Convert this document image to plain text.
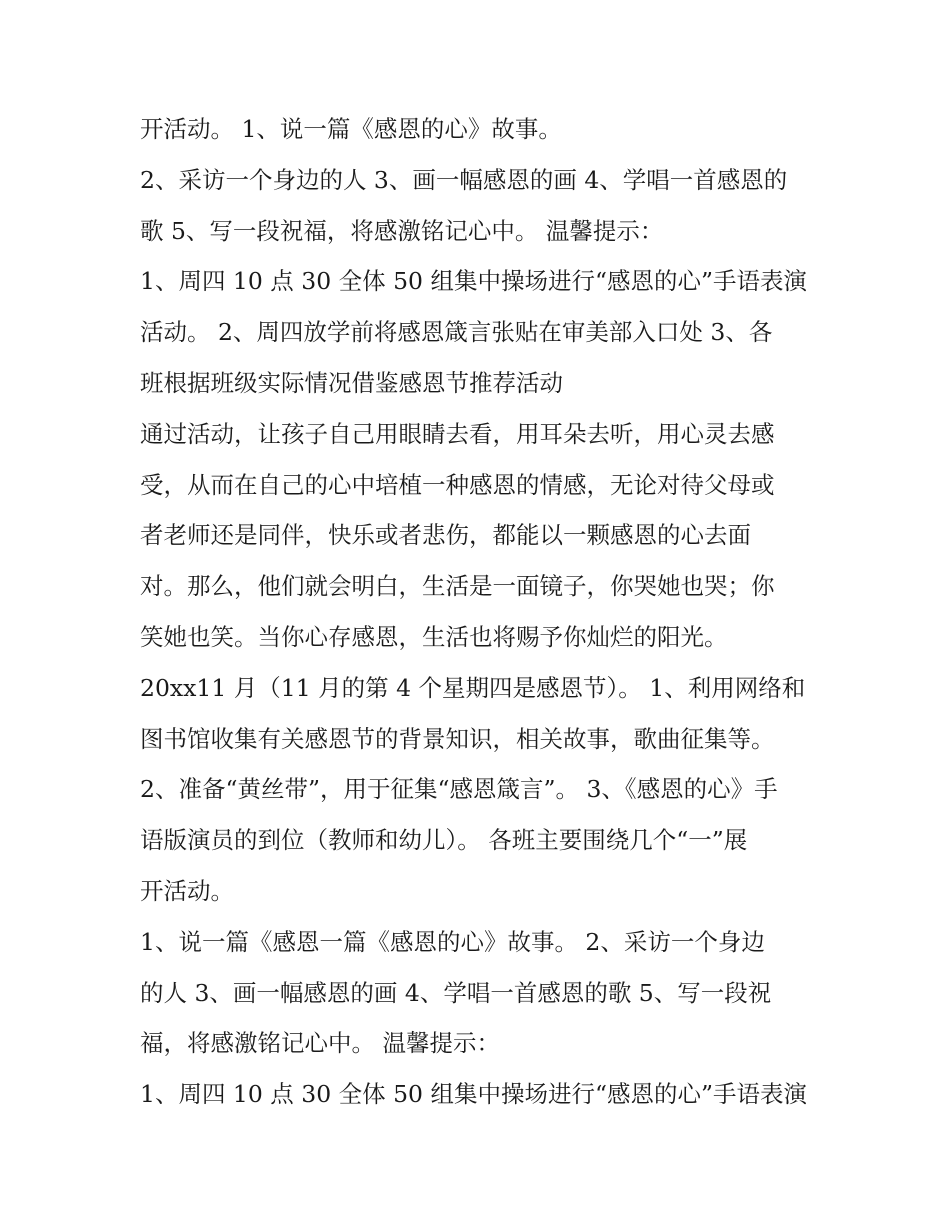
开活动。 1、说一篇《感恩的心》故事。
2、采访一个身边的人 3、画一幅感恩的画 4、学唱一首感恩的
歌 5、写一段祝福，将感激铭记心中。 温馨提示：
1、周四 10 点 30 全体 50 组集中操场进行“感恩的心”手语表演
活动。 2、周四放学前将感恩箴言张贴在审美部入口处 3、各
班根据班级实际情况借鉴感恩节推荐活动
通过活动，让孩子自己用眼睛去看，用耳朵去听，用心灵去感
受，从而在自己的心中培植一种感恩的情感，无论对待父母或
者老师还是同伴，快乐或者悲伤，都能以一颗感恩的心去面
对。那么，他们就会明白，生活是一面镜子，你哭她也哭；你
笑她也笑。当你心存感恩，生活也将赐予你灿烂的阳光。
20xx11 月（11 月的第 4 个星期四是感恩节）。 1、利用网络和
图书馆收集有关感恩节的背景知识，相关故事，歌曲征集等。
2、准备“黄丝带”，用于征集“感恩箴言”。 3、《感恩的心》手
语版演员的到位（教师和幼儿）。 各班主要围绕几个“一”展
开活动。
1、说一篇《感恩一篇《感恩的心》故事。 2、采访一个身边
的人 3、画一幅感恩的画 4、学唱一首感恩的歌 5、写一段祝
福，将感激铭记心中。 温馨提示：
1、周四 10 点 30 全体 50 组集中操场进行“感恩的心”手语表演
